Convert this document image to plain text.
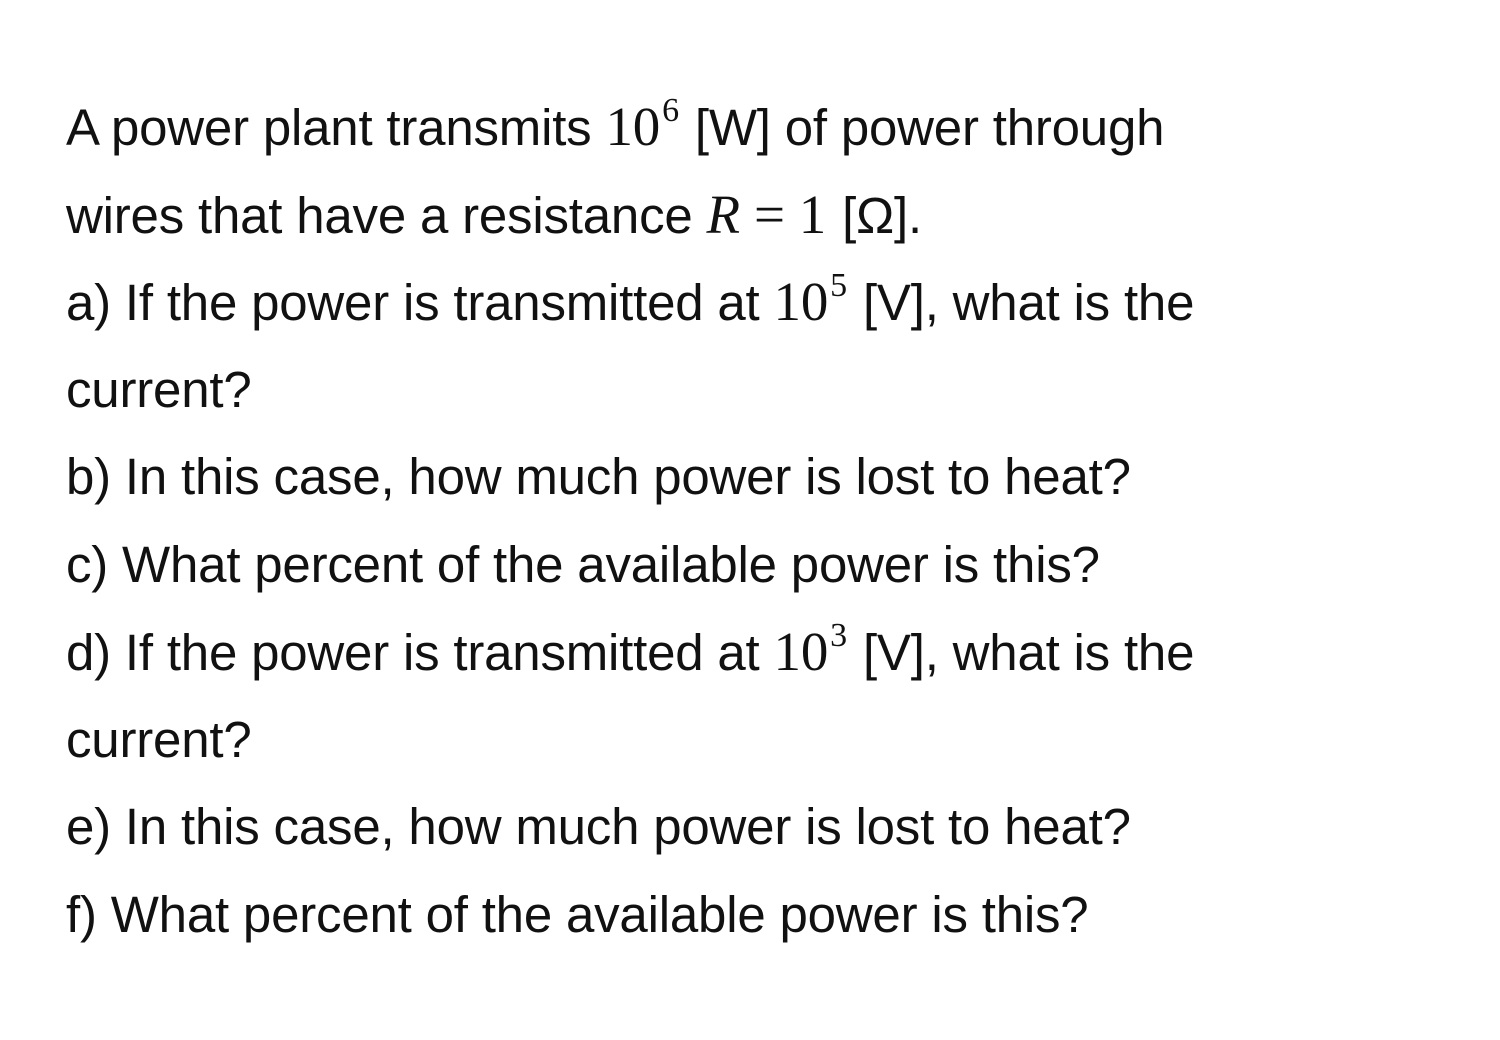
A power plant transmits $10^6$ [W] of power through
wires that have a resistance R = 1 [Ω].
a) If the power is transmitted at $10^5$ [V], what is the
current?
b) In this case, how much power is lost to heat?
c) What percent of the available power is this?
d) If the power is transmitted at $10^3$ [V], what is the
current?
e) In this case, how much power is lost to heat?
f) What percent of the available power is this?
